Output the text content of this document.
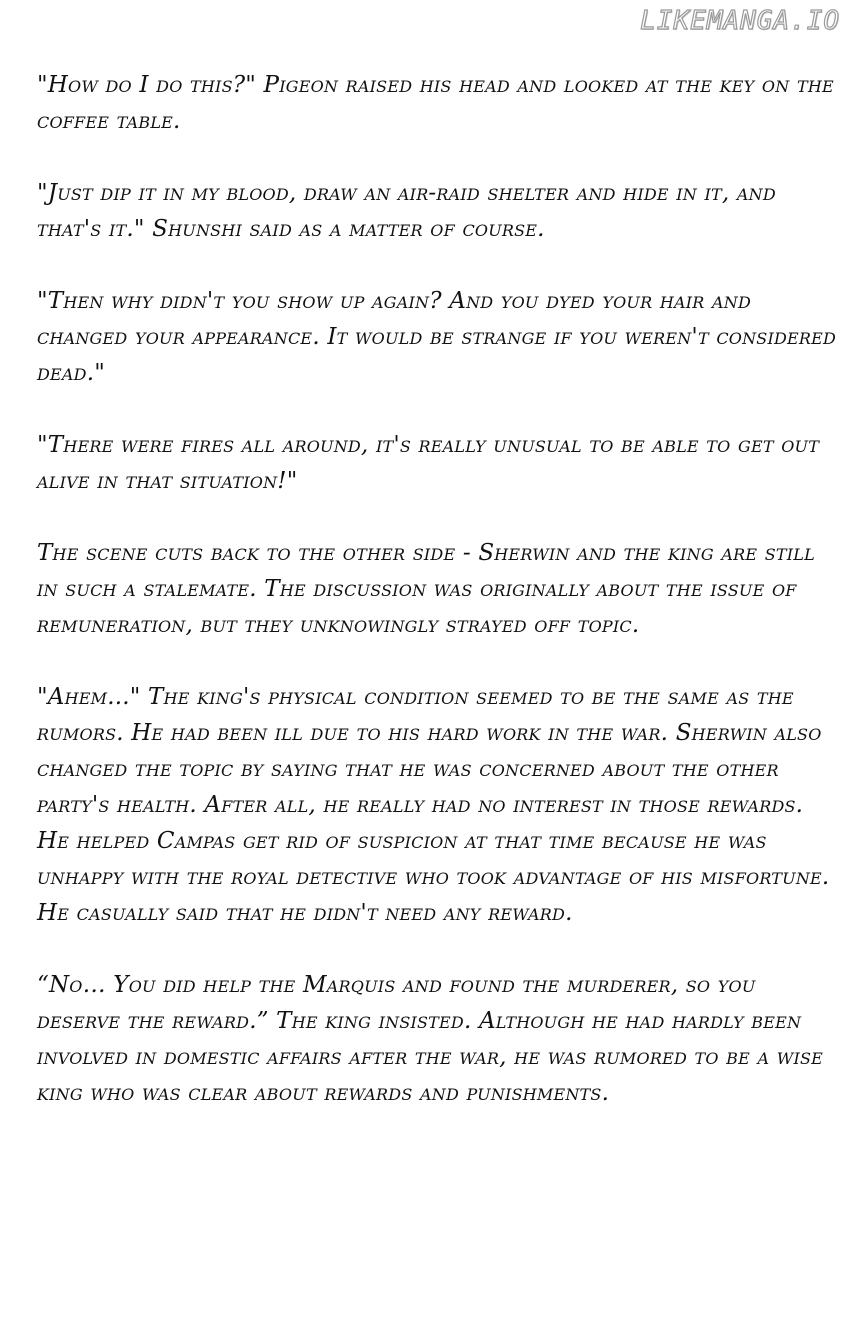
LIKEMANGA.IO

"How do I do this?" Pigeon raised his head and looked at the key on the coffee table.

"Just dip it in my blood, draw an air-raid shelter and hide in it, and that's it." Shunshi said as a matter of course.

"Then why didn't you show up again? And you dyed your hair and changed your appearance. It would be strange if you weren't considered dead."

"There were fires all around, it's really unusual to be able to get out alive in that situation!"

The scene cuts back to the other side - Sherwin and the king are still in such a stalemate. The discussion was originally about the issue of remuneration, but they unknowingly strayed off topic.

"Ahem..." The king's physical condition seemed to be the same as the rumors. He had been ill due to his hard work in the war. Sherwin also changed the topic by saying that he was concerned about the other party's health. After all, he really had no interest in those rewards. He helped Campas get rid of suspicion at that time because he was unhappy with the royal detective who took advantage of his misfortune. He casually said that he didn't need any reward.

“No… You did help the Marquis and found the murderer, so you deserve the reward.” The king insisted. Although he had hardly been involved in domestic affairs after the war, he was rumored to be a wise king who was clear about rewards and punishments.
